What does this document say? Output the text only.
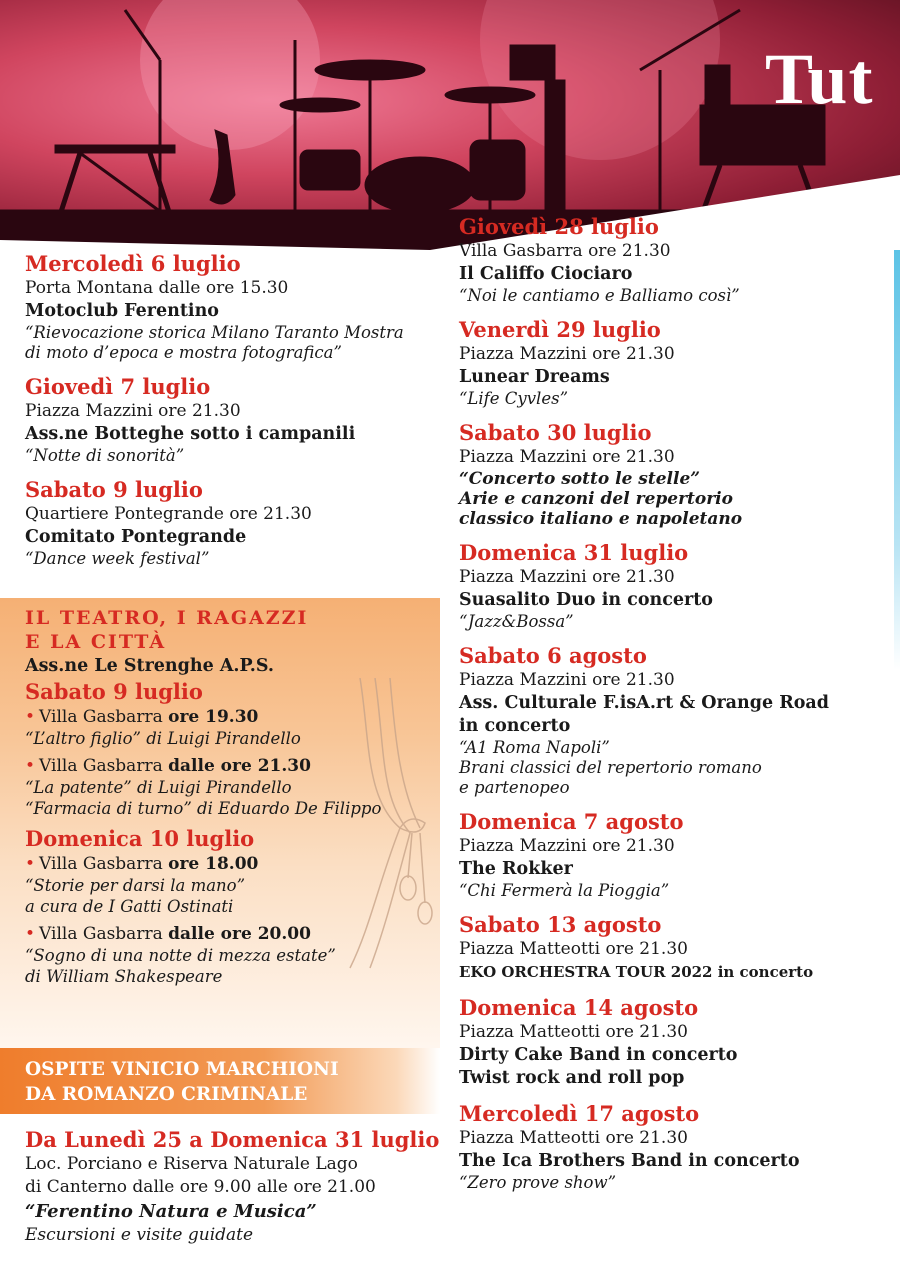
Tut
Mercoledì 6 luglio
Porta Montana dalle ore 15.30
Motoclub Ferentino
“Rievocazione storica Milano Taranto Mostra
di moto d’epoca e mostra fotografica”
Giovedì 7 luglio
Piazza Mazzini ore 21.30
Ass.ne Botteghe sotto i campanili
“Notte di sonorità”
Sabato 9 luglio
Quartiere Pontegrande ore 21.30
Comitato Pontegrande
“Dance week festival”
IL TEATRO, I RAGAZZI
E LA CITTÀ
Ass.ne Le Strenghe A.P.S.
Sabato 9 luglio
• Villa Gasbarra ore 19.30
“L’altro figlio” di Luigi Pirandello
• Villa Gasbarra dalle ore 21.30
“La patente” di Luigi Pirandello
“Farmacia di turno” di Eduardo De Filippo
Domenica 10 luglio
• Villa Gasbarra ore 18.00
“Storie per darsi la mano”
a cura de I Gatti Ostinati
• Villa Gasbarra dalle ore 20.00
“Sogno di una notte di mezza estate”
di William Shakespeare
OSPITE VINICIO MARCHIONI
DA ROMANZO CRIMINALE
Da Lunedì 25 a Domenica 31 luglio
Loc. Porciano e Riserva Naturale Lago
di Canterno dalle ore 9.00 alle ore 21.00
“Ferentino Natura e Musica”
Escursioni e visite guidate
Giovedì 28 luglio
Villa Gasbarra ore 21.30
Il Califfo Ciociaro
“Noi le cantiamo e Balliamo così”
Venerdì 29 luglio
Piazza Mazzini ore 21.30
Lunear Dreams
“Life Cyvles”
Sabato 30 luglio
Piazza Mazzini ore 21.30
“Concerto sotto le stelle”
Arie e canzoni del repertorio
classico italiano e napoletano
Domenica 31 luglio
Piazza Mazzini ore 21.30
Suasalito Duo in concerto
“Jazz&Bossa”
Sabato 6 agosto
Piazza Mazzini ore 21.30
Ass. Culturale F.isA.rt & Orange Road
in concerto
“A1 Roma Napoli”
Brani classici del repertorio romano
e partenopeo
Domenica 7 agosto
Piazza Mazzini ore 21.30
The Rokker
“Chi Fermerà la Pioggia”
Sabato 13 agosto
Piazza Matteotti ore 21.30
EKO ORCHESTRA TOUR 2022 in concerto
Domenica 14 agosto
Piazza Matteotti ore 21.30
Dirty Cake Band in concerto
Twist rock and roll pop
Mercoledì 17 agosto
Piazza Matteotti ore 21.30
The Ica Brothers Band in concerto
“Zero prove show”
